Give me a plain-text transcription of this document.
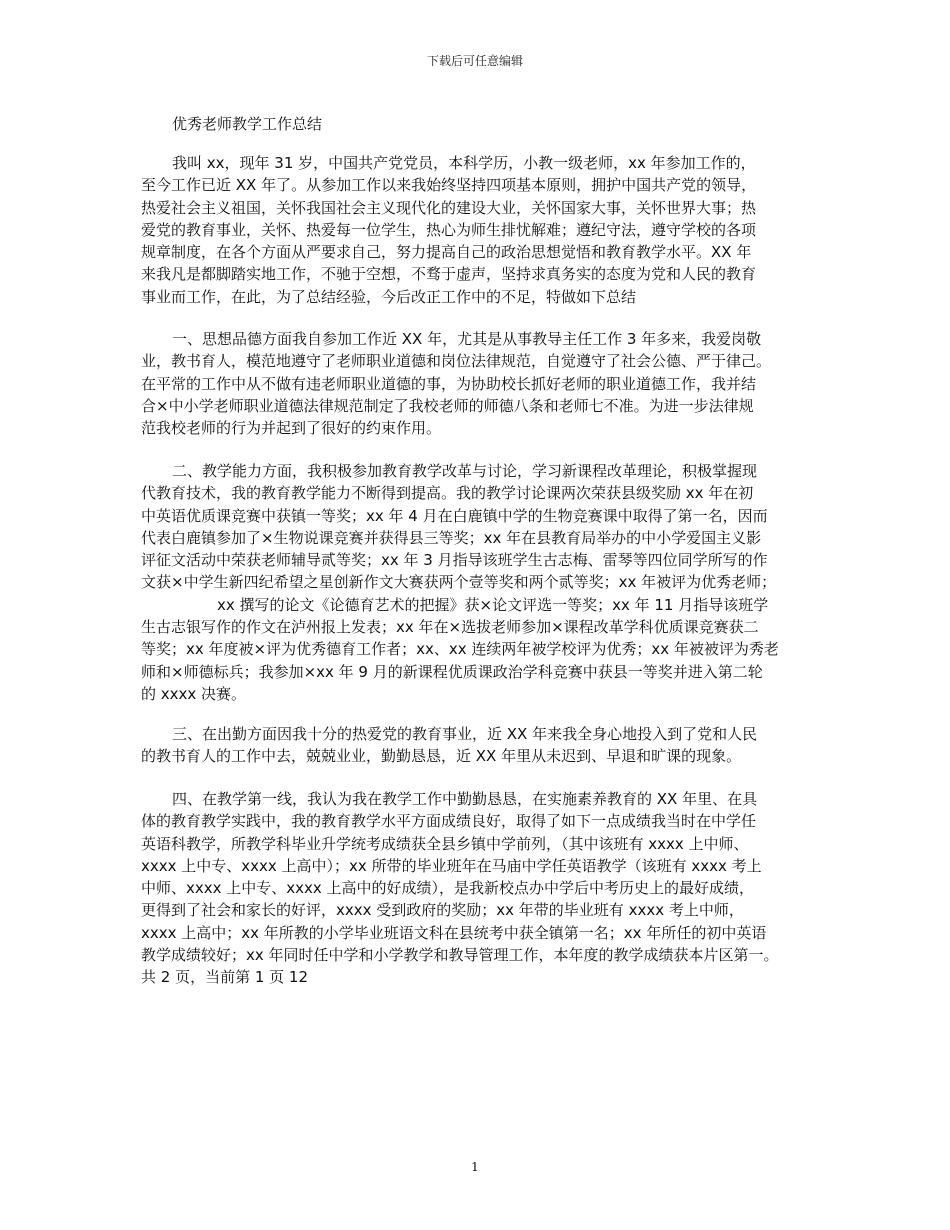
下载后可任意编辑
优秀老师教学工作总结
我叫 xx，现年 31 岁，中国共产党党员，本科学历，小教一级老师，xx 年参加工作的，
至今工作已近 XX 年了。从参加工作以来我始终坚持四项基本原则，拥护中国共产党的领导，
热爱社会主义祖国，关怀我国社会主义现代化的建设大业，关怀国家大事，关怀世界大事；热
爱党的教育事业，关怀、热爱每一位学生，热心为师生排忧解难；遵纪守法，遵守学校的各项
规章制度，在各个方面从严要求自己，努力提高自己的政治思想觉悟和教育教学水平。XX 年
来我凡是都脚踏实地工作，不驰于空想，不骛于虚声，坚持求真务实的态度为党和人民的教育
事业而工作，在此，为了总结经验，今后改正工作中的不足，特做如下总结
一、思想品德方面我自参加工作近 XX 年，尤其是从事教导主任工作 3 年多来，我爱岗敬
业，教书育人，模范地遵守了老师职业道德和岗位法律规范，自觉遵守了社会公德、严于律己。
在平常的工作中从不做有违老师职业道德的事，为协助校长抓好老师的职业道德工作，我并结
合×中小学老师职业道德法律规范制定了我校老师的师德八条和老师七不准。为进一步法律规
范我校老师的行为并起到了很好的约束作用。
二、教学能力方面，我积极参加教育教学改革与讨论，学习新课程改革理论，积极掌握现
代教育技术，我的教育教学能力不断得到提高。我的教学讨论课两次荣获县级奖励 xx 年在初
中英语优质课竞赛中获镇一等奖；xx 年 4 月在白鹿镇中学的生物竞赛课中取得了第一名，因而
代表白鹿镇参加了×生物说课竞赛并获得县三等奖；xx 年在县教育局举办的中小学爱国主义影
评征文活动中荣获老师辅导贰等奖；xx 年 3 月指导该班学生古志梅、雷琴等四位同学所写的作
文获×中学生新四纪希望之星创新作文大赛获两个壹等奖和两个贰等奖；xx 年被评为优秀老师；
xx 撰写的论文《论德育艺术的把握》获×论文评选一等奖；xx 年 11 月指导该班学
生古志银写作的作文在泸州报上发表；xx 年在×选拔老师参加×课程改革学科优质课竞赛获二
等奖；xx 年度被×评为优秀德育工作者；xx、xx 连续两年被学校评为优秀；xx 年被被评为秀老
师和×师德标兵；我参加×xx 年 9 月的新课程优质课政治学科竞赛中获县一等奖并进入第二轮
的 xxxx 决赛。
三、在出勤方面因我十分的热爱党的教育事业，近 XX 年来我全身心地投入到了党和人民
的教书育人的工作中去，兢兢业业，勤勤恳恳，近 XX 年里从未迟到、早退和旷课的现象。
四、在教学第一线，我认为我在教学工作中勤勤恳恳，在实施素养教育的 XX 年里、在具
体的教育教学实践中，我的教育教学水平方面成绩良好，取得了如下一点成绩我当时在中学任
英语科教学，所教学科毕业升学统考成绩获全县乡镇中学前列，（其中该班有 xxxx 上中师、
xxxx 上中专、xxxx 上高中）；xx 所带的毕业班年在马庙中学任英语教学（该班有 xxxx 考上
中师、xxxx 上中专、xxxx 上高中的好成绩），是我新校点办中学后中考历史上的最好成绩，
更得到了社会和家长的好评，xxxx 受到政府的奖励；xx 年带的毕业班有 xxxx 考上中师，
xxxx 上高中；xx 年所教的小学毕业班语文科在县统考中获全镇第一名；xx 年所任的初中英语
教学成绩较好；xx 年同时任中学和小学教学和教导管理工作，本年度的教学成绩获本片区第一。
共 2 页，当前第 1 页 12
1
